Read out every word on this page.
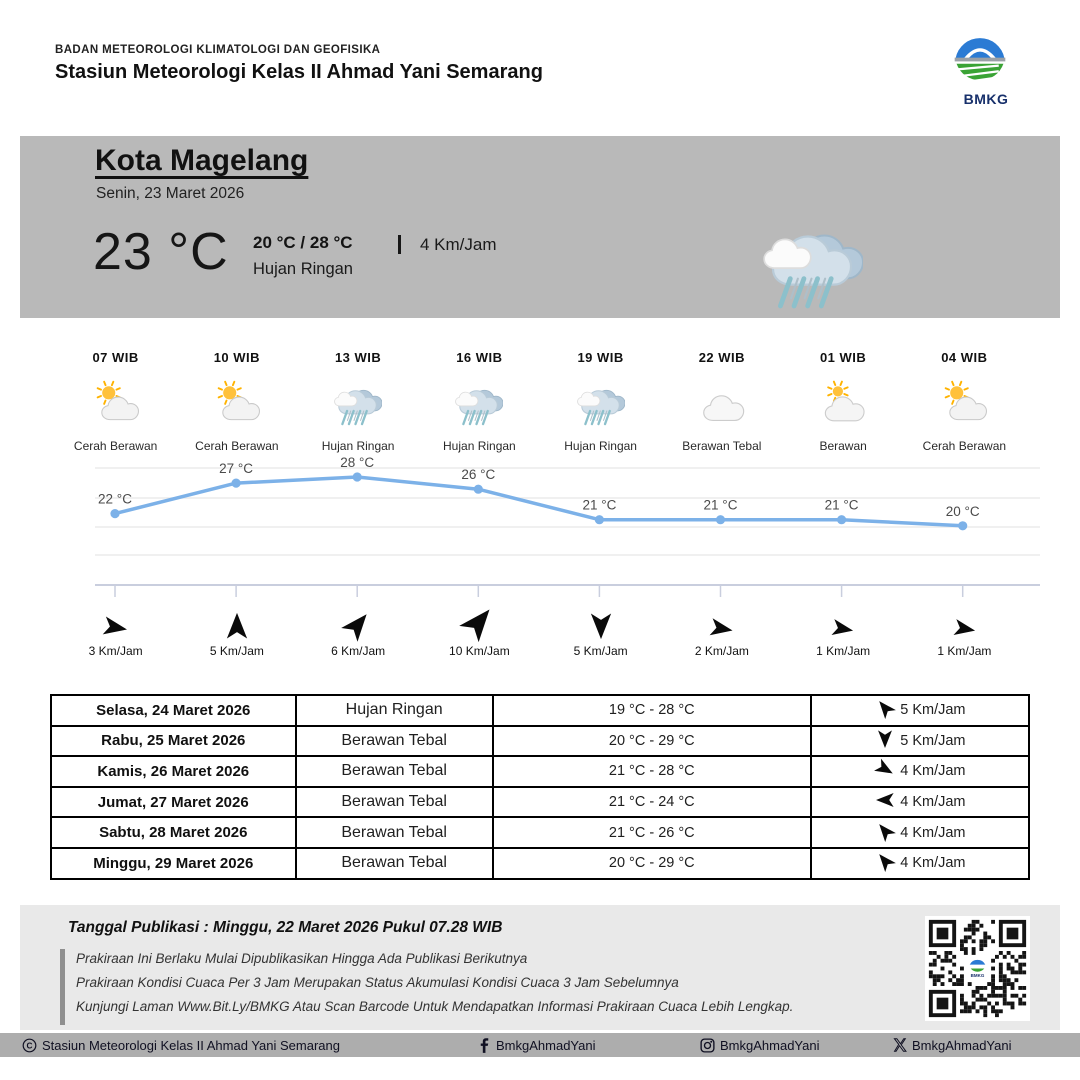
BADAN METEOROLOGI KLIMATOLOGI DAN GEOFISIKA
Stasiun Meteorologi Kelas II Ahmad Yani Semarang
BMKG
Kota Magelang
Senin, 23 Maret 2026
23 °C 20 °C / 28 °C
Hujan Ringan
4 Km/Jam
07 WIB
Cerah Berawan
10 WIB
Cerah Berawan
13 WIB
Hujan Ringan
16 WIB
Hujan Ringan
19 WIB
Hujan Ringan
22 WIB
Berawan Tebal
01 WIB
Berawan
04 WIB
Cerah Berawan
22 °C
27 °C	28 °C
26 °C
21 °C	21 °C	21 °C	20 °C
3 Km/Jam	5 Km/Jam	6 Km/Jam	10 Km/Jam	5 Km/Jam	2 Km/Jam	1 Km/Jam	1 Km/Jam
Selasa, 24 Maret 2026	Hujan Ringan	19 °C - 28 °C	5 Km/Jam

Rabu, 25 Maret 2026	Berawan Tebal	20 °C - 29 °C	5 Km/Jam

Kamis, 26 Maret 2026	Berawan Tebal	21 °C - 28 °C	4 Km/Jam

Jumat, 27 Maret 2026	Berawan Tebal	21 °C - 24 °C	4 Km/Jam

Sabtu, 28 Maret 2026	Berawan Tebal	21 °C - 26 °C	4 Km/Jam

Minggu, 29 Maret 2026	Berawan Tebal	20 °C - 29 °C	4 Km/Jam
Tanggal Publikasi : Minggu, 22 Maret 2026 Pukul 07.28 WIB
Prakiraan Ini Berlaku Mulai Dipublikasikan Hingga Ada Publikasi Berikutnya
Prakiraan Kondisi Cuaca Per 3 Jam Merupakan Status Akumulasi Kondisi Cuaca 3 Jam Sebelumnya
Kunjungi Laman Www.Bit.Ly/BMKG Atau Scan Barcode Untuk Mendapatkan Informasi Prakiraan Cuaca Lebih Lengkap.
BMKG
C Stasiun Meteorologi Kelas II Ahmad Yani Semarang	BmkgAhmadYani	BmkgAhmadYani	BmkgAhmadYani
